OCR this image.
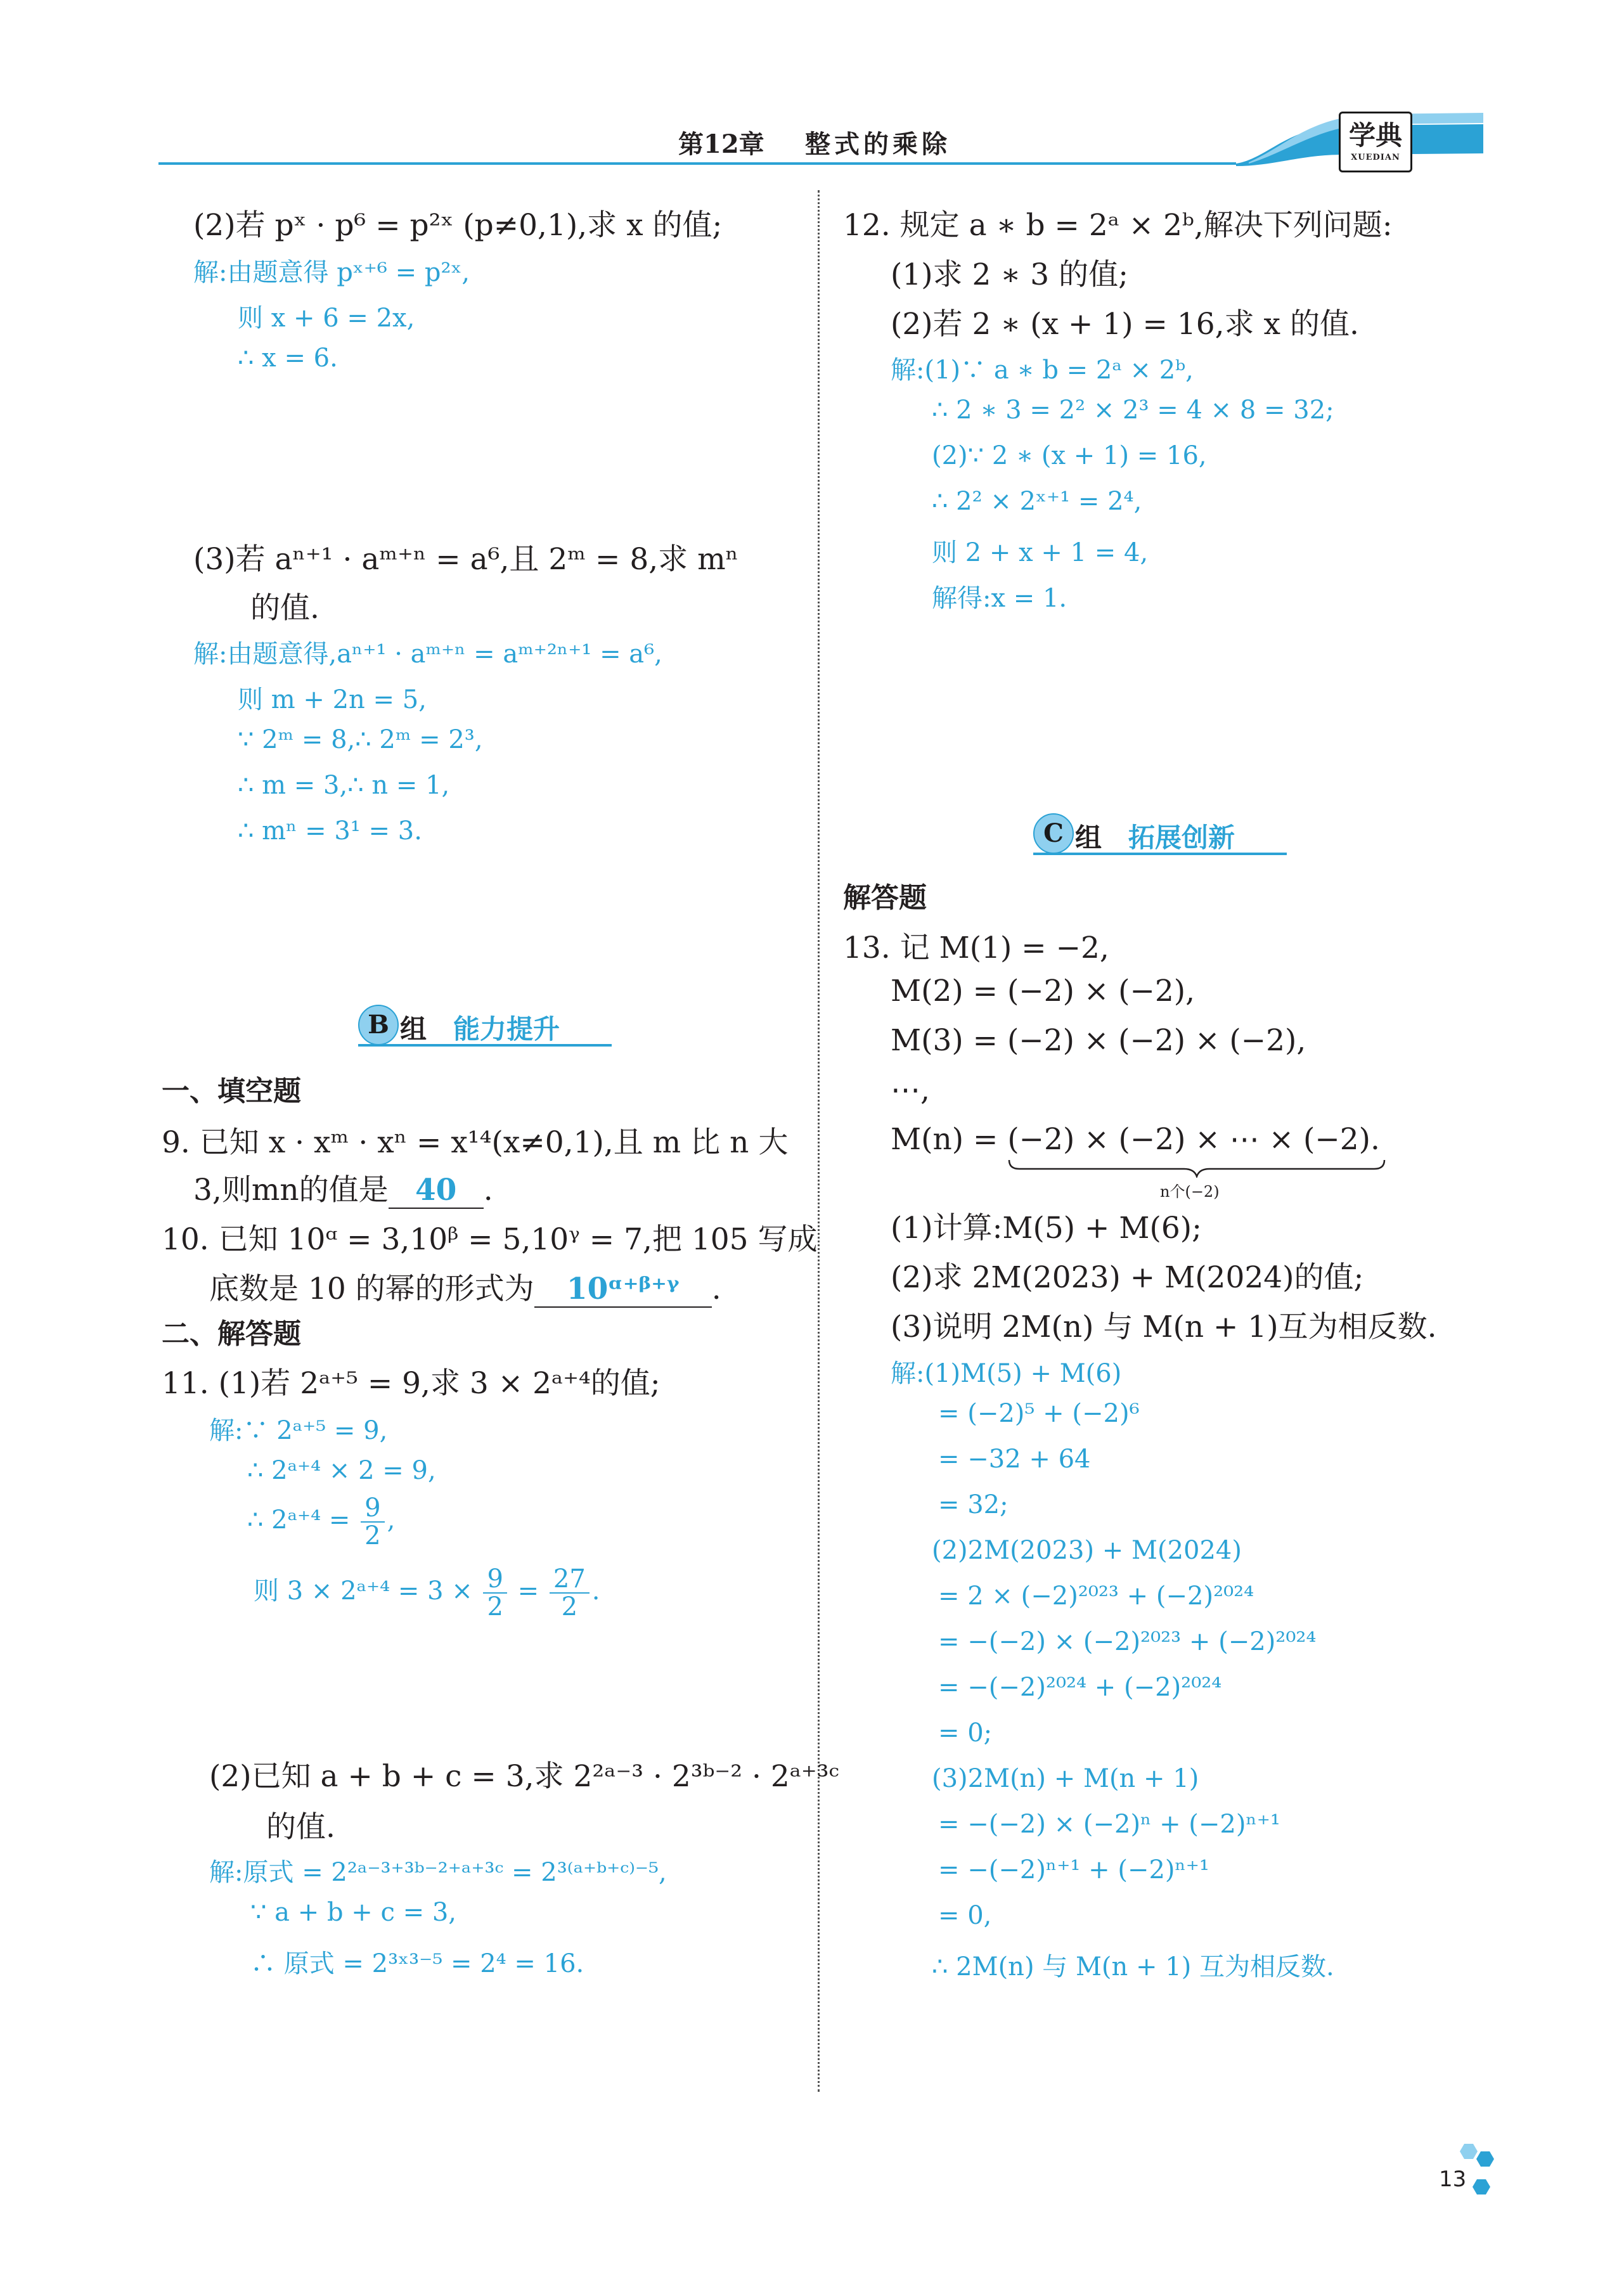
第12章 整式的乘除	学典
XUEDIAN
(2)若 pˣ · p⁶ = p²ˣ (p≠0,1),求 x 的值;
解:由题意得 pˣ⁺⁶ = p²ˣ,
则 x + 6 = 2x,
∴ x = 6.
(3)若 aⁿ⁺¹ · aᵐ⁺ⁿ = a⁶,且 2ᵐ = 8,求 mⁿ
的值.
解:由题意得,aⁿ⁺¹ · aᵐ⁺ⁿ = aᵐ⁺²ⁿ⁺¹ = a⁶,
则 m + 2n = 5,
∵ 2ᵐ = 8,∴ 2ᵐ = 2³,
∴ m = 3,∴ n = 1,
∴ mⁿ = 3¹ = 3.
B 组 能力提升
一、填空题
9. 已知 x · xᵐ · xⁿ = x¹⁴(x≠0,1),且 m 比 n 大
3,则mn的值是 40 .
10. 已知 10ᵅ = 3,10ᵝ = 5,10ᵞ = 7,把 105 写成
底数是 10 的幂的形式为 10ᵅ⁺ᵝ⁺ᵞ .
二、解答题
11. (1)若 2ᵃ⁺⁵ = 9,求 3 × 2ᵃ⁺⁴的值;
解:∵ 2ᵃ⁺⁵ = 9,
∴ 2ᵃ⁺⁴ × 2 = 9,
∴ 2ᵃ⁺⁴ = $\frac{9}{2}$ ,
则 3 × 2ᵃ⁺⁴ = $3 \times \frac{9}{2} = \frac{27}{2}$ .
(2)已知 a + b + c = 3,求 2²ᵃ⁻³ · 2³ᵇ⁻² · 2ᵃ⁺³ᶜ
的值.
解:原式 = 2²ᵃ⁻³⁺³ᵇ⁻²⁺ᵃ⁺³ᶜ = 2³⁽ᵃ⁺ᵇ⁺ᶜ⁾⁻⁵,
∵ a + b + c = 3,
∴ 原式 = 2³ˣ³⁻⁵ = 2⁴ = 16.
12. 规定 a ∗ b = 2ᵃ × 2ᵇ,解决下列问题:
(1)求 2 ∗ 3 的值;
(2)若 2 ∗ (x + 1) = 16,求 x 的值.
解:(1)∵ a ∗ b = 2ᵃ × 2ᵇ,
∴ 2 ∗ 3 = 2² × 2³ = 4 × 8 = 32;
(2)∵ 2 ∗ (x + 1) = 16,
∴ 2² × 2ˣ⁺¹ = 2⁴,
则 2 + x + 1 = 4,
解得:x = 1.
C 组 拓展创新
解答题
13. 记 M(1) = −2,
M(2) = (−2) × (−2),
M(3) = (−2) × (−2) × (−2),
⋯,
M(n) = (−2) × (−2) × ⋯ × (−2).
n个(−2)
(1)计算:M(5) + M(6);
(2)求 2M(2023) + M(2024)的值;
(3)说明 2M(n) 与 M(n + 1)互为相反数.
解:(1)M(5) + M(6)
= (−2)⁵ + (−2)⁶
= −32 + 64
= 32;
(2)2M(2023) + M(2024)
= 2 × (−2)²⁰²³ + (−2)²⁰²⁴
= −(−2) × (−2)²⁰²³ + (−2)²⁰²⁴
= −(−2)²⁰²⁴ + (−2)²⁰²⁴
= 0;
(3)2M(n) + M(n + 1)
= −(−2) × (−2)ⁿ + (−2)ⁿ⁺¹
= −(−2)ⁿ⁺¹ + (−2)ⁿ⁺¹
= 0,
∴ 2M(n) 与 M(n + 1) 互为相反数.
13
